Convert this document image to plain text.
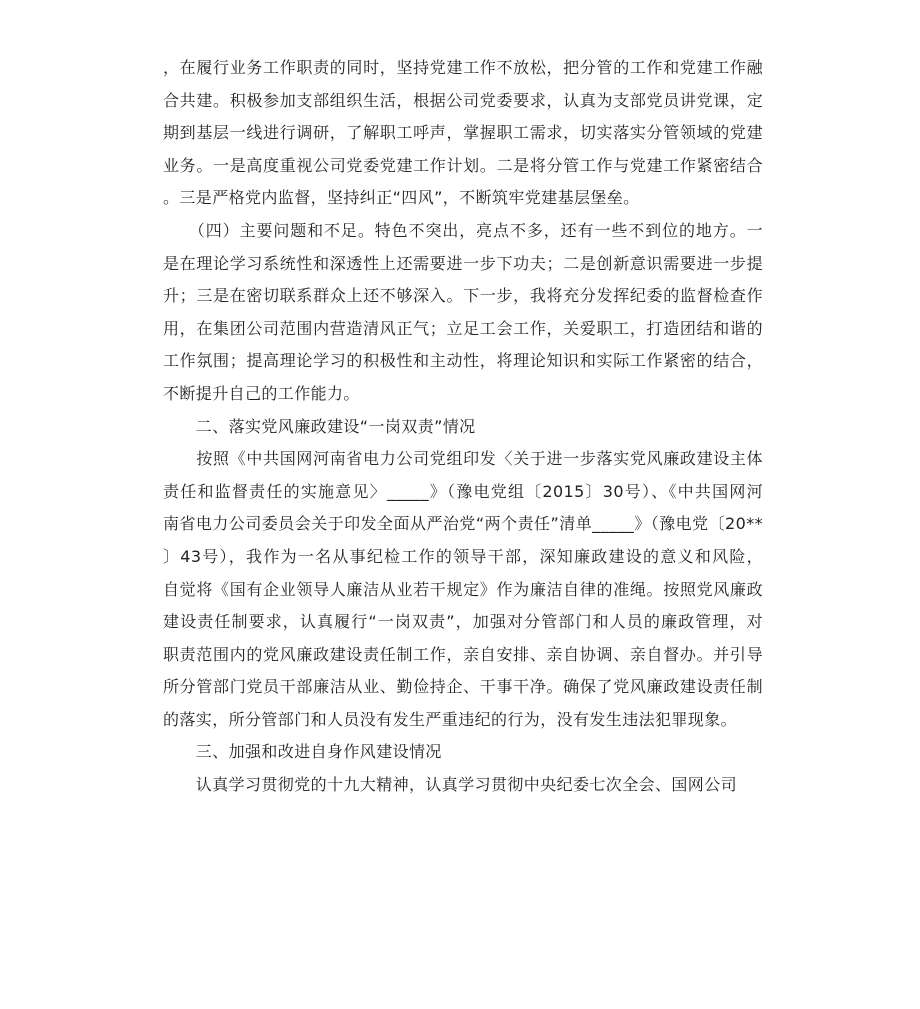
，在履行业务工作职责的同时，坚持党建工作不放松，把分管的工作和党建工作融
合共建。积极参加支部组织生活，根据公司党委要求，认真为支部党员讲党课，定
期到基层一线进行调研，了解职工呼声，掌握职工需求，切实落实分管领域的党建
业务。一是高度重视公司党委党建工作计划。二是将分管工作与党建工作紧密结合
。三是严格党内监督，坚持纠正“四风”，不断筑牢党建基层堡垒。
　　（四）主要问题和不足。特色不突出，亮点不多，还有一些不到位的地方。一
是在理论学习系统性和深透性上还需要进一步下功夫；二是创新意识需要进一步提
升；三是在密切联系群众上还不够深入。下一步，我将充分发挥纪委的监督检查作
用，在集团公司范围内营造清风正气；立足工会工作，关爱职工，打造团结和谐的
工作氛围；提高理论学习的积极性和主动性，将理论知识和实际工作紧密的结合，
不断提升自己的工作能力。
　　二、落实党风廉政建设“一岗双责”情况
　　按照《中共国网河南省电力公司党组印发〈关于进一步落实党风廉政建设主体
责任和监督责任的实施意见〉_____》（豫电党组〔2015〕30号）、《中共国网河
南省电力公司委员会关于印发全面从严治党“两个责任”清单_____》（豫电党〔20**
〕43号），我作为一名从事纪检工作的领导干部，深知廉政建设的意义和风险，
自觉将《国有企业领导人廉洁从业若干规定》作为廉洁自律的准绳。按照党风廉政
建设责任制要求，认真履行“一岗双责”，加强对分管部门和人员的廉政管理，对
职责范围内的党风廉政建设责任制工作，亲自安排、亲自协调、亲自督办。并引导
所分管部门党员干部廉洁从业、勤俭持企、干事干净。确保了党风廉政建设责任制
的落实，所分管部门和人员没有发生严重违纪的行为，没有发生违法犯罪现象。
　　三、加强和改进自身作风建设情况
　　认真学习贯彻党的十九大精神，认真学习贯彻中央纪委七次全会、国网公司
